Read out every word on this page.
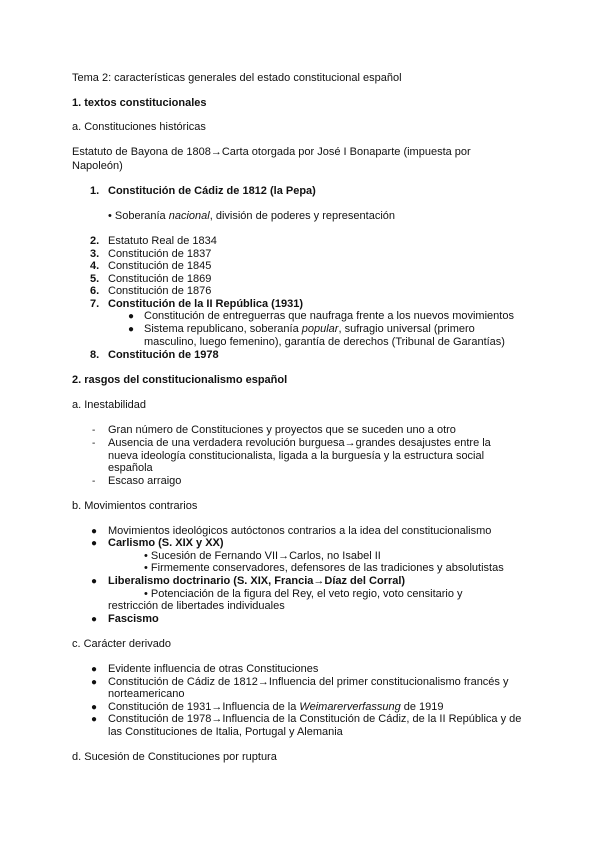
Tema 2: características generales del estado constitucional español
1. textos constitucionales
a. Constituciones históricas
Estatuto de Bayona de 1808→Carta otorgada por José I Bonaparte (impuesta por
Napoleón)
1. Constitución de Cádiz de 1812 (la Pepa)
• Soberanía nacional, división de poderes y representación
2. Estatuto Real de 1834
3. Constitución de 1837
4. Constitución de 1845
5. Constitución de 1869
6. Constitución de 1876
7. Constitución de la II República (1931)
● Constitución de entreguerras que naufraga frente a los nuevos movimientos
● Sistema republicano, soberanía popular, sufragio universal (primero
masculino, luego femenino), garantía de derechos (Tribunal de Garantías)
8. Constitución de 1978
2. rasgos del constitucionalismo español
a. Inestabilidad
- Gran número de Constituciones y proyectos que se suceden uno a otro
- Ausencia de una verdadera revolución burguesa→grandes desajustes entre la
nueva ideología constitucionalista, ligada a la burguesía y la estructura social
española
- Escaso arraigo
b. Movimientos contrarios
● Movimientos ideológicos autóctonos contrarios a la idea del constitucionalismo
● Carlismo (S. XIX y XX)
• Sucesión de Fernando VII→Carlos, no Isabel II
• Firmemente conservadores, defensores de las tradiciones y absolutistas
● Liberalismo doctrinario (S. XIX, Francia→Díaz del Corral)
• Potenciación de la figura del Rey, el veto regio, voto censitario y
restricción de libertades individuales
● Fascismo
c. Carácter derivado
● Evidente influencia de otras Constituciones
● Constitución de Cádiz de 1812→Influencia del primer constitucionalismo francés y
norteamericano
● Constitución de 1931→Influencia de la Weimarerverfassung de 1919
● Constitución de 1978→Influencia de la Constitución de Cádiz, de la II República y de
las Constituciones de Italia, Portugal y Alemania
d. Sucesión de Constituciones por ruptura
